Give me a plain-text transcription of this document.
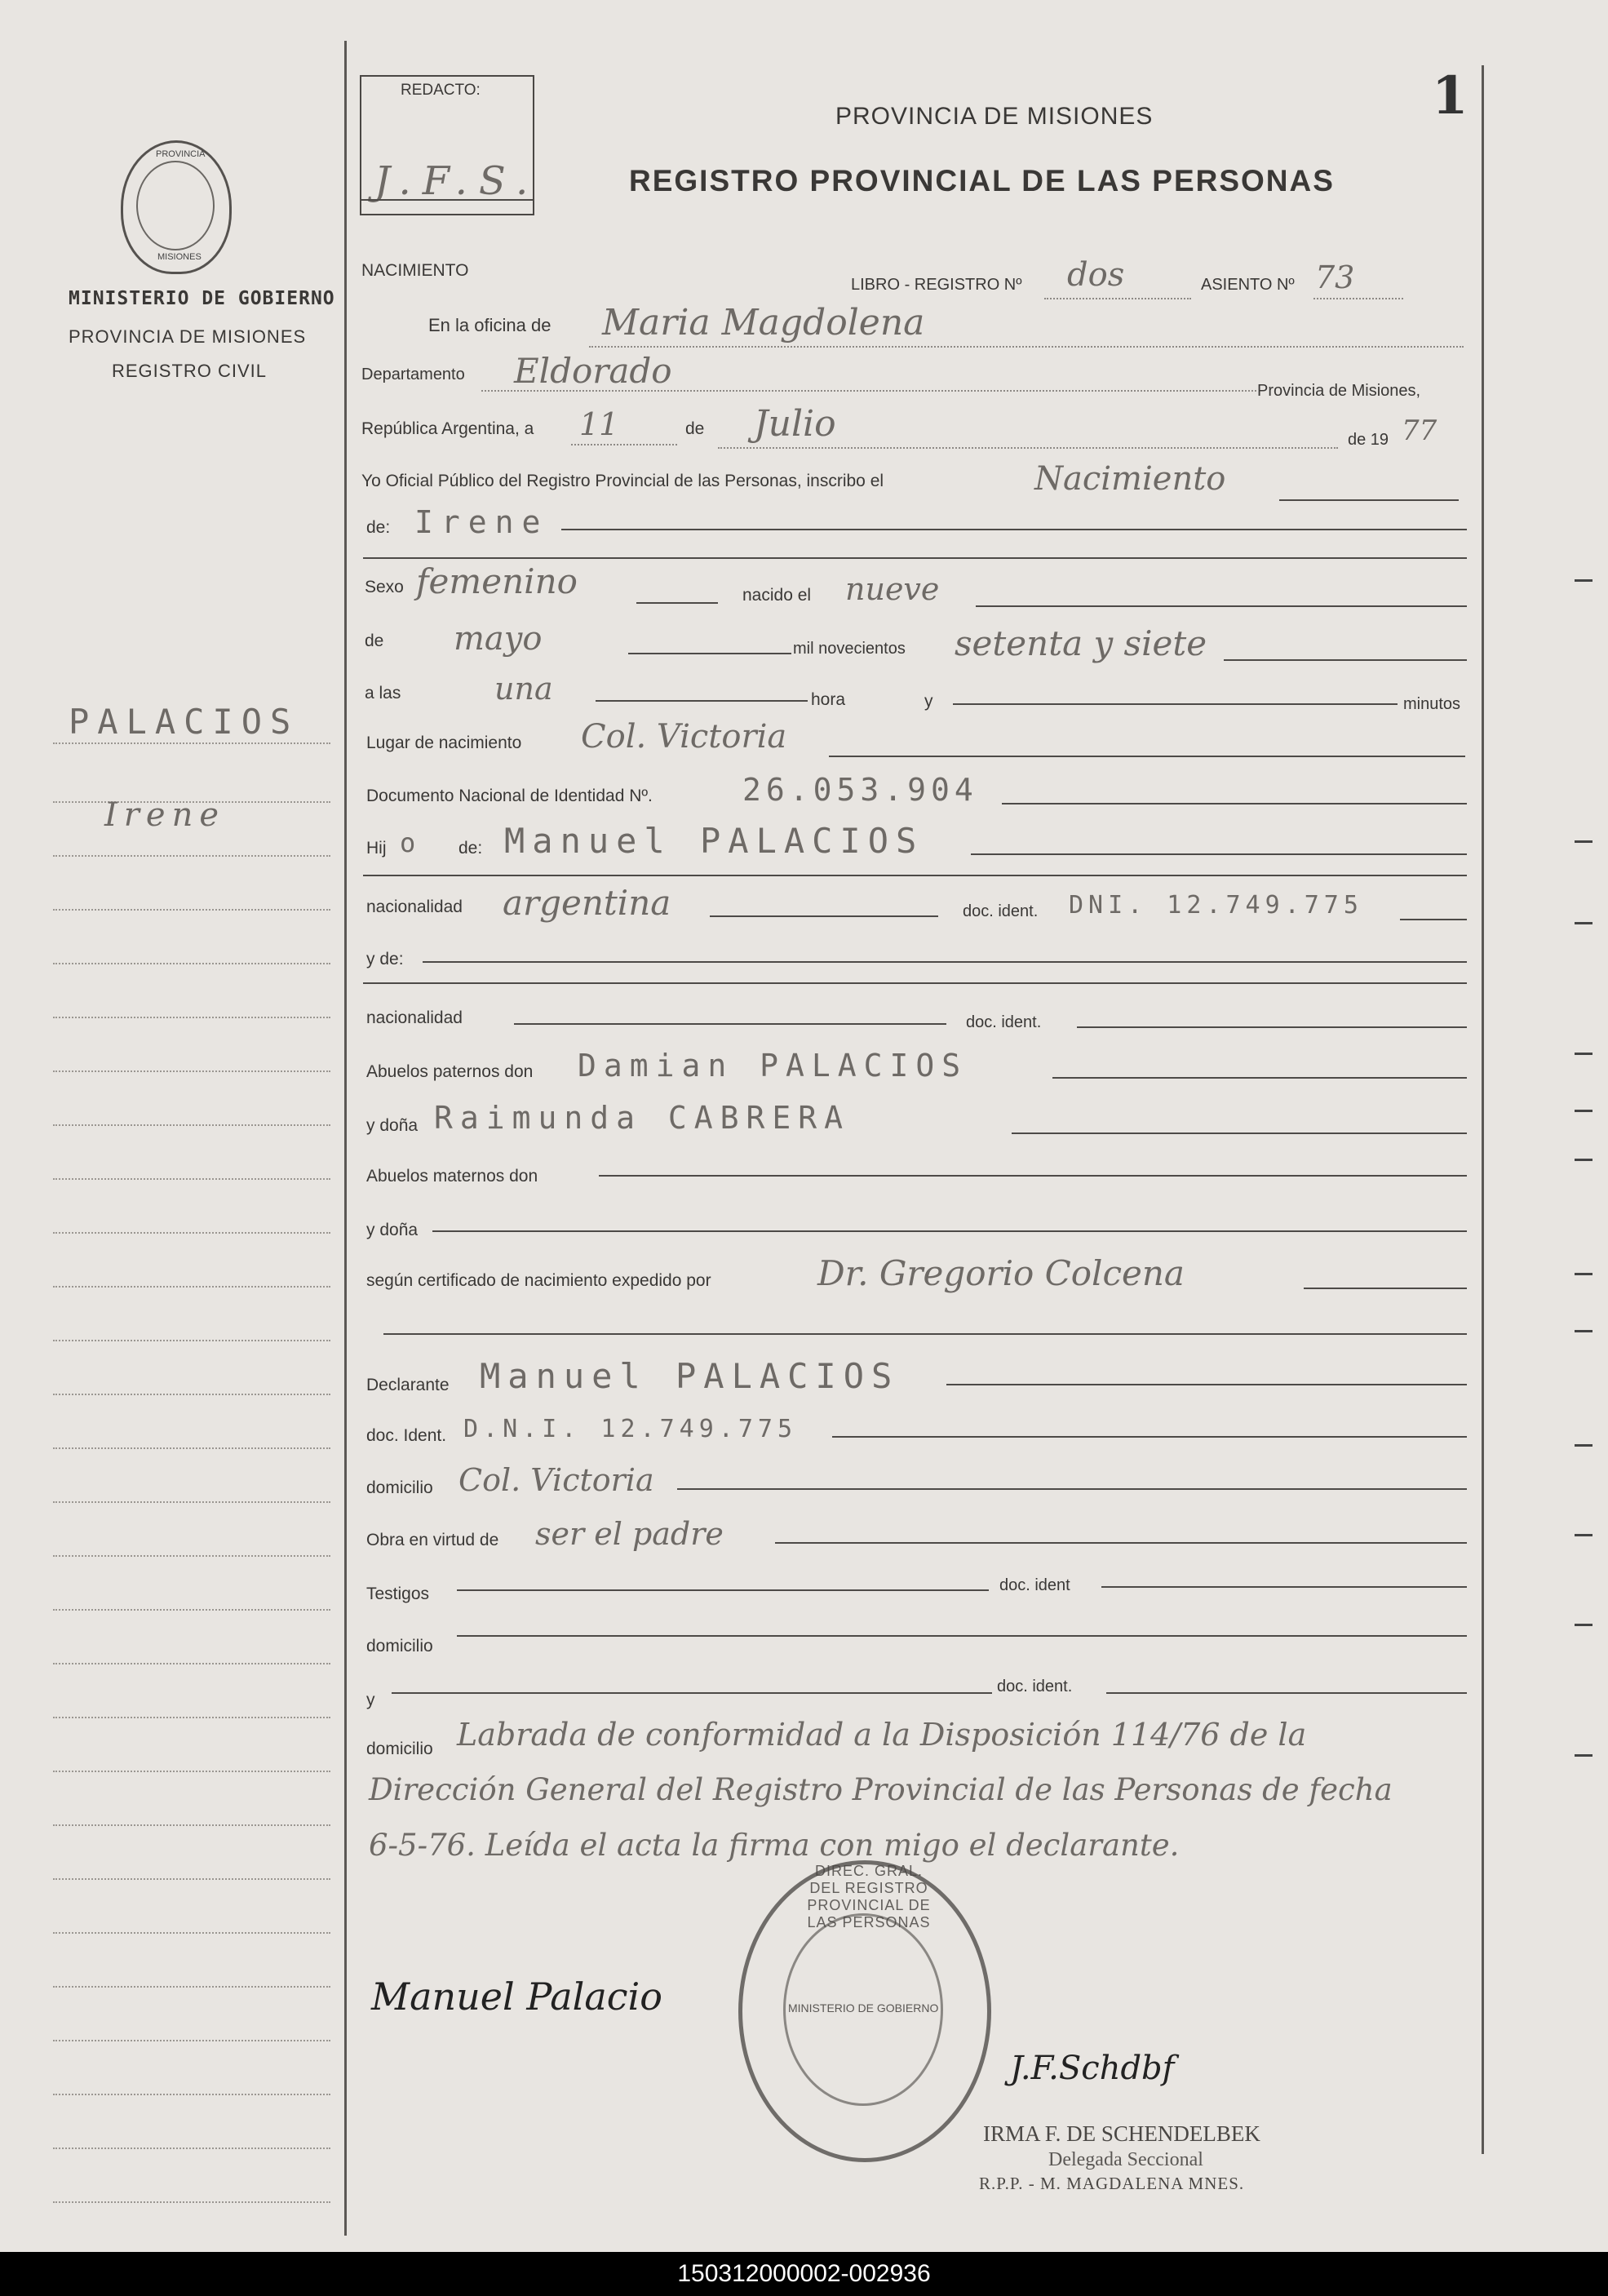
1
PROVINCIA
MISIONES
MINISTERIO DE GOBIERNO
PROVINCIA DE MISIONES
REGISTRO CIVIL
REDACTO:
J.F.S.
PROVINCIA DE MISIONES
REGISTRO PROVINCIAL DE LAS PERSONAS
PALACIOS
Irene
NACIMIENTO
LIBRO - REGISTRO Nº dos	ASIENTO Nº 73
En la oficina de Maria Magdolena
Departamento Eldorado	Provincia de Misiones,
República Argentina, a 11	de Julio	de 19 77
Yo Oficial Público del Registro Provincial de las Personas, inscribo el	Nacimiento
de: Irene
Sexo femenino	nacido el nueve
de mayo	mil novecientos setenta y siete
a las	una	hora	y	minutos
Lugar de nacimiento Col. Victoria
Documento Nacional de Identidad Nº.	26.053.904
Hij o de: Manuel PALACIOS
nacionalidad argentina	doc. ident. DNI. 12.749.775
y de:
nacionalidad	doc. ident.
Abuelos paternos don Damian PALACIOS
y doña Raimunda CABRERA
Abuelos maternos don
y doña
según certificado de nacimiento expedido por	Dr. Gregorio Colcena
Declarante Manuel PALACIOS
doc. Ident. D.N.I. 12.749.775
domicilio Col. Victoria
Obra en virtud de ser el padre
Testigos	doc. ident
domicilio
y
doc. ident.
domicilio Labrada de conformidad a la Disposición 114/76 de la
Dirección General del Registro Provincial de las Personas de fecha
6-5-76. Leída el acta la firma con migo el declarante.
DIREC. GRAL. DEL REGISTRO PROVINCIAL DE LAS PERSONAS
MINISTERIO DE GOBIERNO
Manuel Palacio
J.F.Schdbf
IRMA F. DE SCHENDELBEK
Delegada Seccional
R.P.P. - M. MAGDALENA MNES.
150312000002-002936
